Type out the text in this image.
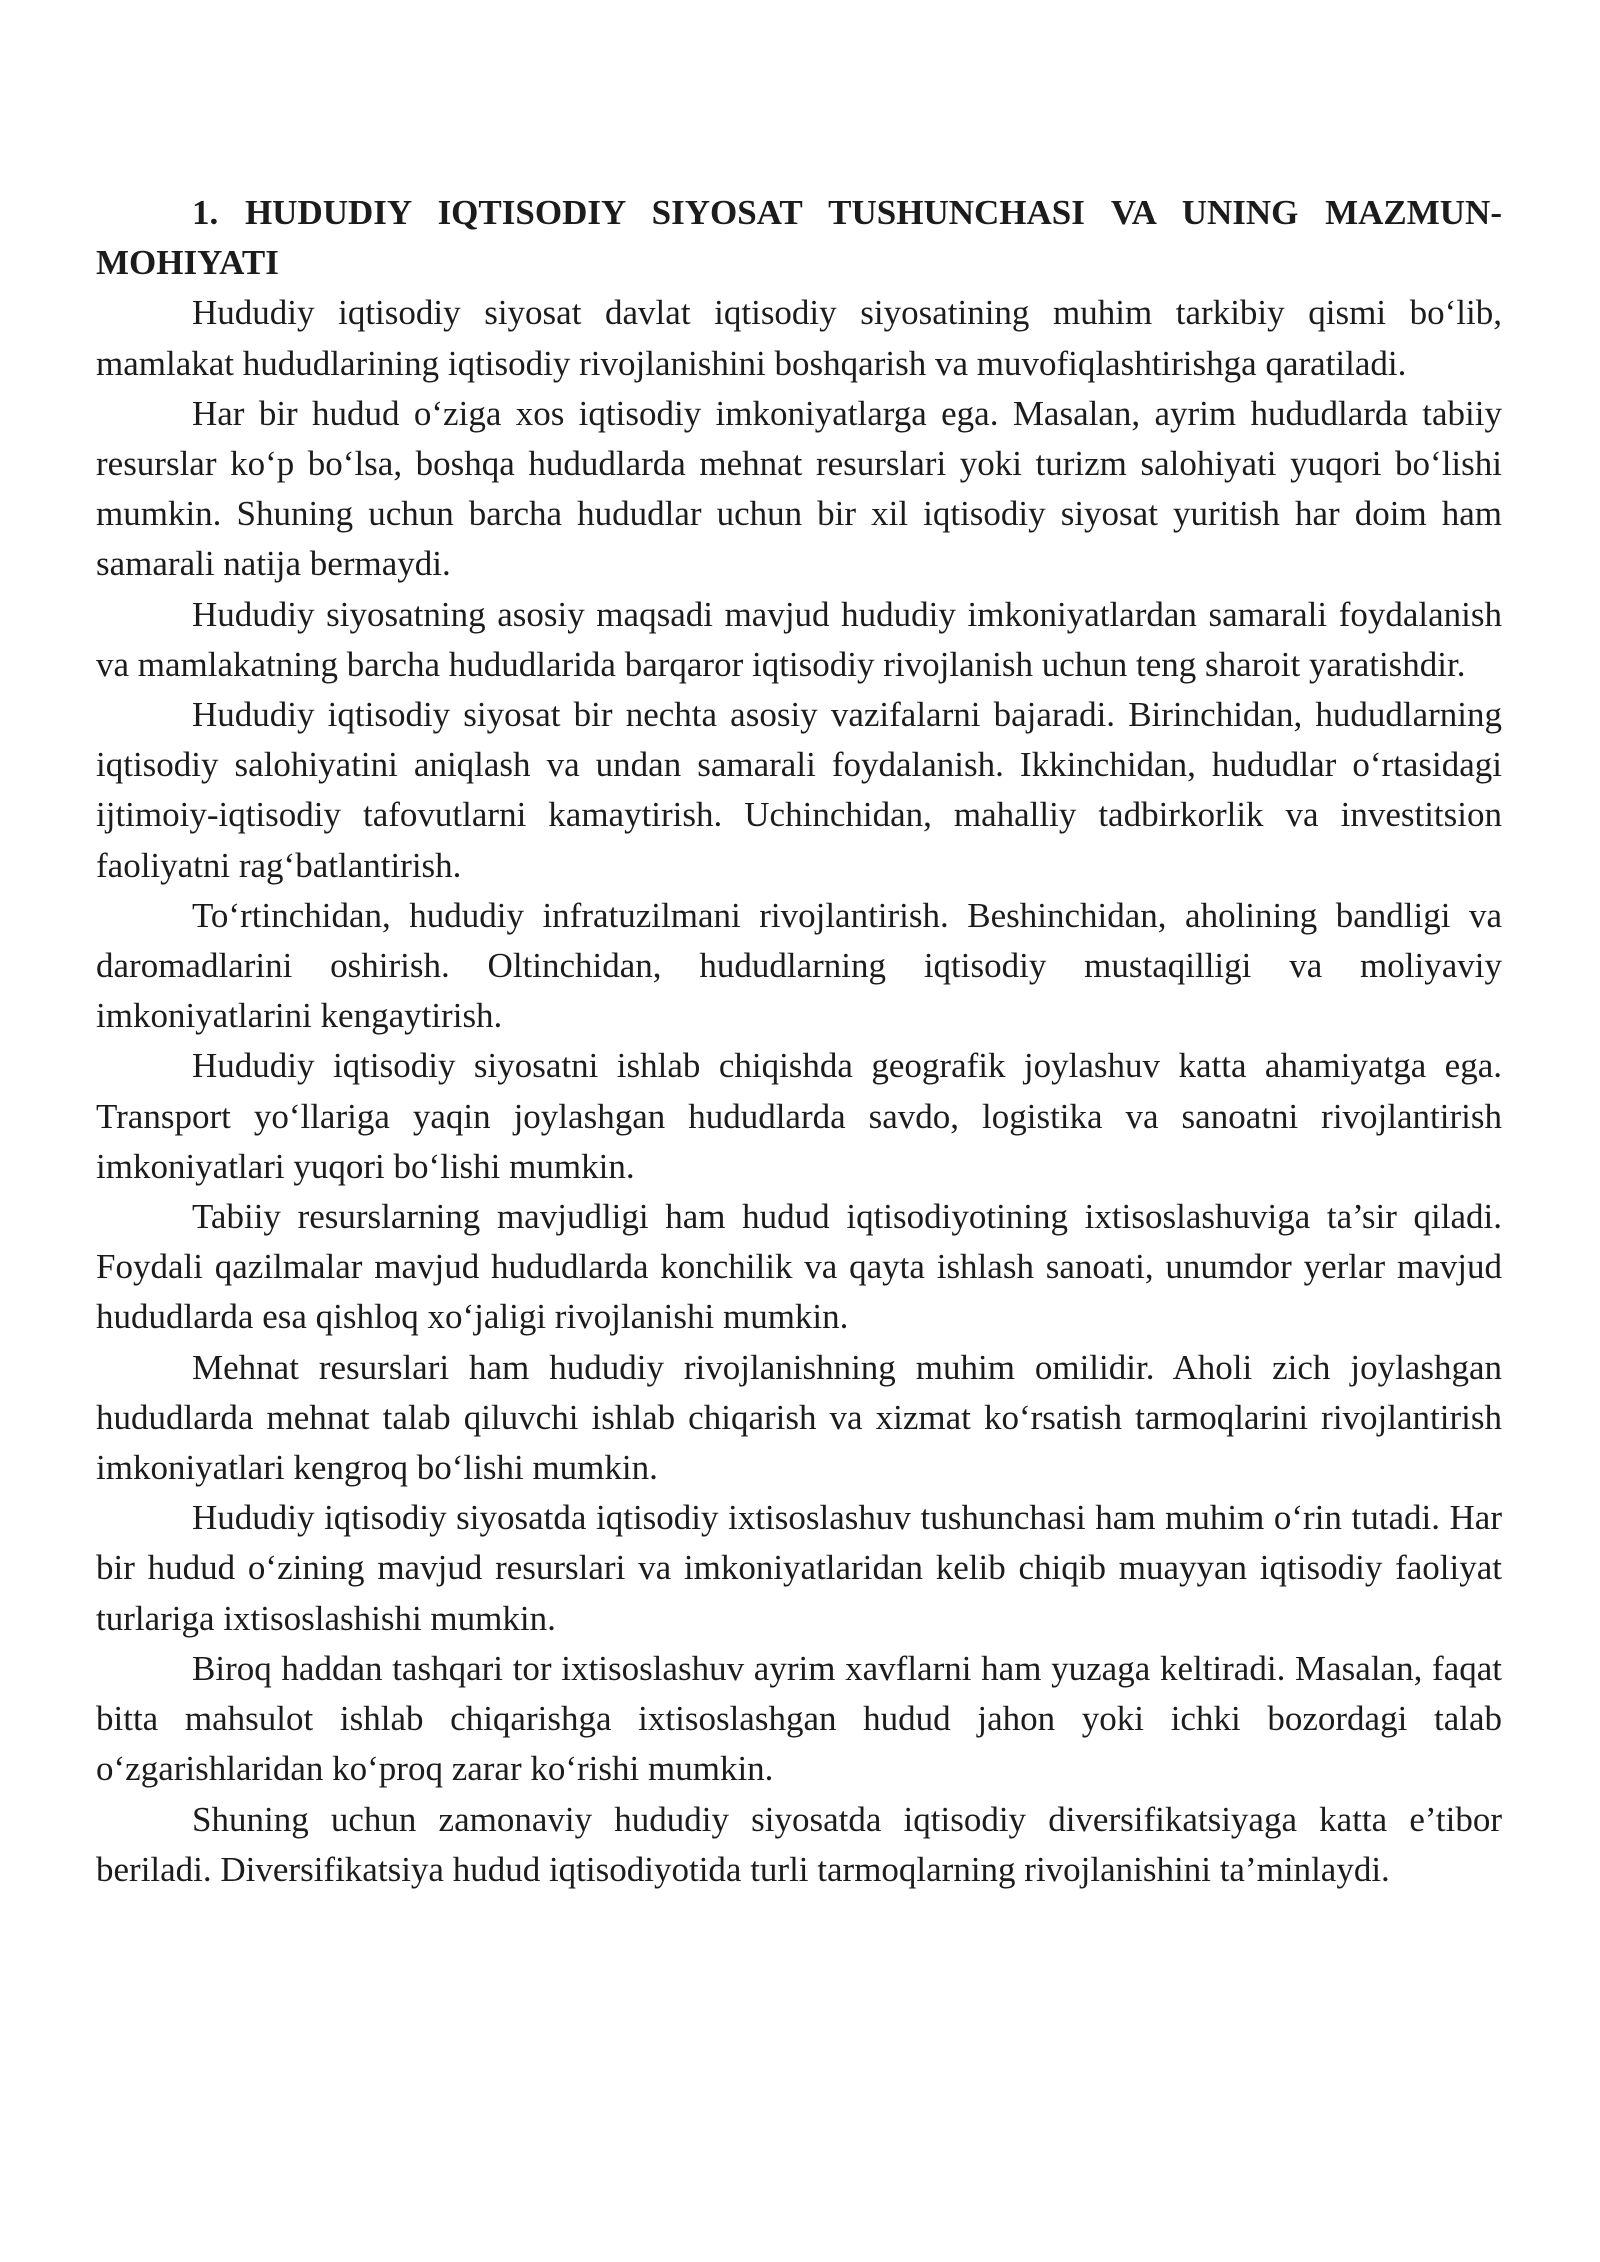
1. HUDUDIY IQTISODIY SIYOSAT TUSHUNCHASI VA UNING MAZMUN-MOHIYATI

Hududiy iqtisodiy siyosat davlat iqtisodiy siyosatining muhim tarkibiy qismi bo‘lib, mamlakat hududlarining iqtisodiy rivojlanishini boshqarish va muvofiqlashtirishga qaratiladi.

Har bir hudud o‘ziga xos iqtisodiy imkoniyatlarga ega. Masalan, ayrim hududlarda tabiiy resurslar ko‘p bo‘lsa, boshqa hududlarda mehnat resurslari yoki turizm salohiyati yuqori bo‘lishi mumkin. Shuning uchun barcha hududlar uchun bir xil iqtisodiy siyosat yuritish har doim ham samarali natija bermaydi.

Hududiy siyosatning asosiy maqsadi mavjud hududiy imkoniyatlardan samarali foydalanish va mamlakatning barcha hududlarida barqaror iqtisodiy rivojlanish uchun teng sharoit yaratishdir.

Hududiy iqtisodiy siyosat bir nechta asosiy vazifalarni bajaradi. Birinchidan, hududlarning iqtisodiy salohiyatini aniqlash va undan samarali foydalanish. Ikkinchidan, hududlar o‘rtasidagi ijtimoiy-iqtisodiy tafovutlarni kamaytirish. Uchinchidan, mahalliy tadbirkorlik va investitsion faoliyatni rag‘batlantirish.

To‘rtinchidan, hududiy infratuzilmani rivojlantirish. Beshinchidan, aholining bandligi va daromadlarini oshirish. Oltinchidan, hududlarning iqtisodiy mustaqilligi va moliyaviy imkoniyatlarini kengaytirish.

Hududiy iqtisodiy siyosatni ishlab chiqishda geografik joylashuv katta ahamiyatga ega. Transport yo‘llariga yaqin joylashgan hududlarda savdo, logistika va sanoatni rivojlantirish imkoniyatlari yuqori bo‘lishi mumkin.

Tabiiy resurslarning mavjudligi ham hudud iqtisodiyotining ixtisoslashuviga ta’sir qiladi. Foydali qazilmalar mavjud hududlarda konchilik va qayta ishlash sanoati, unumdor yerlar mavjud hududlarda esa qishloq xo‘jaligi rivojlanishi mumkin.

Mehnat resurslari ham hududiy rivojlanishning muhim omilidir. Aholi zich joylashgan hududlarda mehnat talab qiluvchi ishlab chiqarish va xizmat ko‘rsatish tarmoqlarini rivojlantirish imkoniyatlari kengroq bo‘lishi mumkin.

Hududiy iqtisodiy siyosatda iqtisodiy ixtisoslashuv tushunchasi ham muhim o‘rin tutadi. Har bir hudud o‘zining mavjud resurslari va imkoniyatlaridan kelib chiqib muayyan iqtisodiy faoliyat turlariga ixtisoslashishi mumkin.

Biroq haddan tashqari tor ixtisoslashuv ayrim xavflarni ham yuzaga keltiradi. Masalan, faqat bitta mahsulot ishlab chiqarishga ixtisoslashgan hudud jahon yoki ichki bozordagi talab o‘zgarishlaridan ko‘proq zarar ko‘rishi mumkin.

Shuning uchun zamonaviy hududiy siyosatda iqtisodiy diversifikatsiyaga katta e’tibor beriladi. Diversifikatsiya hudud iqtisodiyotida turli tarmoqlarning rivojlanishini ta’minlaydi.
